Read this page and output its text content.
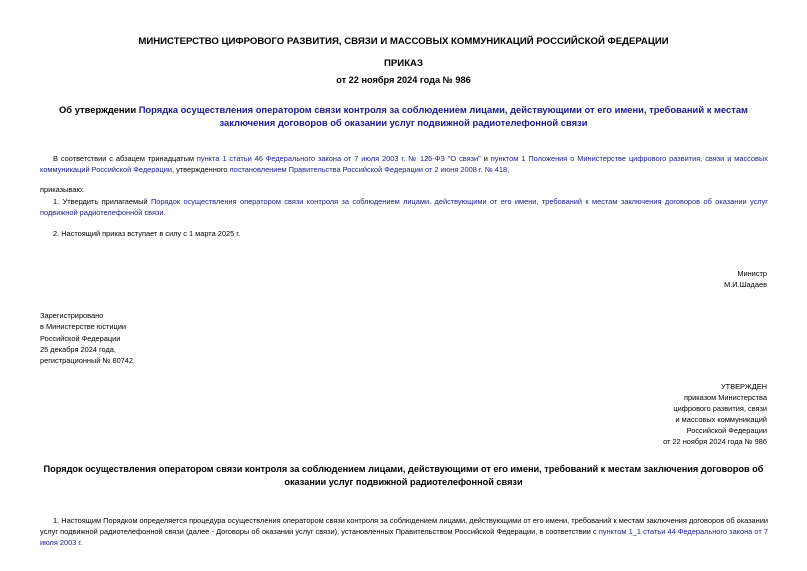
МИНИСТЕРСТВО ЦИФРОВОГО РАЗВИТИЯ, СВЯЗИ И МАССОВЫХ КОММУНИКАЦИЙ РОССИЙСКОЙ ФЕДЕРАЦИИ
ПРИКАЗ
от 22 ноября 2024 года № 986
Об утверждении Порядка осуществления оператором связи контроля за соблюдением лицами, действующими от его имени, требований к местам заключения договоров об оказании услуг подвижной радиотелефонной связи
В соответствии с абзацем тринадцатым пункта 1 статьи 46 Федерального закона от 7 июля 2003 г. № 126-ФЗ "О связи" и пунктом 1 Положения о Министерстве цифрового развития, связи и массовых коммуникаций Российской Федерации, утвержденного постановлением Правительства Российской Федерации от 2 июня 2008 г. № 418,
приказываю:
1. Утвердить прилагаемый Порядок осуществления оператором связи контроля за соблюдением лицами, действующими от его имени, требований к местам заключения договоров об оказании услуг подвижной радиотелефонной связи.
2. Настоящий приказ вступает в силу с 1 марта 2025 г.
Министр
М.И.Шадаев
Зарегистрировано
в Министерстве юстиции
Российской Федерации
25 декабря 2024 года,
регистрационный № 80742
УТВЕРЖДЕН
приказом Министерства
цифрового развития, связи
и массовых коммуникаций
Российской Федерации
от 22 ноября 2024 года № 986
Порядок осуществления оператором связи контроля за соблюдением лицами, действующими от его имени, требований к местам заключения договоров об оказании услуг подвижной радиотелефонной связи
1. Настоящим Порядком определяется процедура осуществления оператором связи контроля за соблюдением лицами, действующими от его имени, требований к местам заключения договоров об оказании услуг подвижной радиотелефонной связи (далее - Договоры об оказании услуг связи), установленных Правительством Российской Федерации, в соответствии с пунктом 1_1 статьи 44 Федерального закона от 7 июля 2003 г.
